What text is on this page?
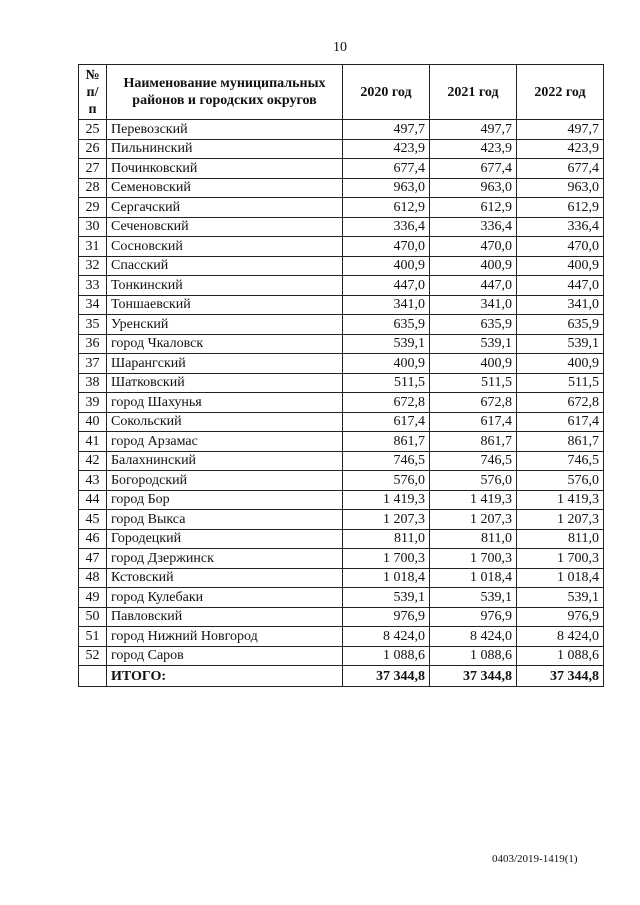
10
№ п/п	Наименование муниципальных районов и городских округов	2020 год	2021 год	2022 год
25	Перевозский	497,7	497,7	497,7
26	Пильнинский	423,9	423,9	423,9
27	Починковский	677,4	677,4	677,4
28	Семеновский	963,0	963,0	963,0
29	Сергачский	612,9	612,9	612,9
30	Сеченовский	336,4	336,4	336,4
31	Сосновский	470,0	470,0	470,0
32	Спасский	400,9	400,9	400,9
33	Тонкинский	447,0	447,0	447,0
34	Тоншаевский	341,0	341,0	341,0
35	Уренский	635,9	635,9	635,9
36	город Чкаловск	539,1	539,1	539,1
37	Шарангский	400,9	400,9	400,9
38	Шатковский	511,5	511,5	511,5
39	город Шахунья	672,8	672,8	672,8
40	Сокольский	617,4	617,4	617,4
41	город Арзамас	861,7	861,7	861,7
42	Балахнинский	746,5	746,5	746,5
43	Богородский	576,0	576,0	576,0
44	город Бор	1 419,3	1 419,3	1 419,3
45	город Выкса	1 207,3	1 207,3	1 207,3
46	Городецкий	811,0	811,0	811,0
47	город Дзержинск	1 700,3	1 700,3	1 700,3
48	Кстовский	1 018,4	1 018,4	1 018,4
49	город Кулебаки	539,1	539,1	539,1
50	Павловский	976,9	976,9	976,9
51	город Нижний Новгород	8 424,0	8 424,0	8 424,0
52	город Саров	1 088,6	1 088,6	1 088,6
	ИТОГО:	37 344,8	37 344,8	37 344,8
0403/2019-1419(1)
